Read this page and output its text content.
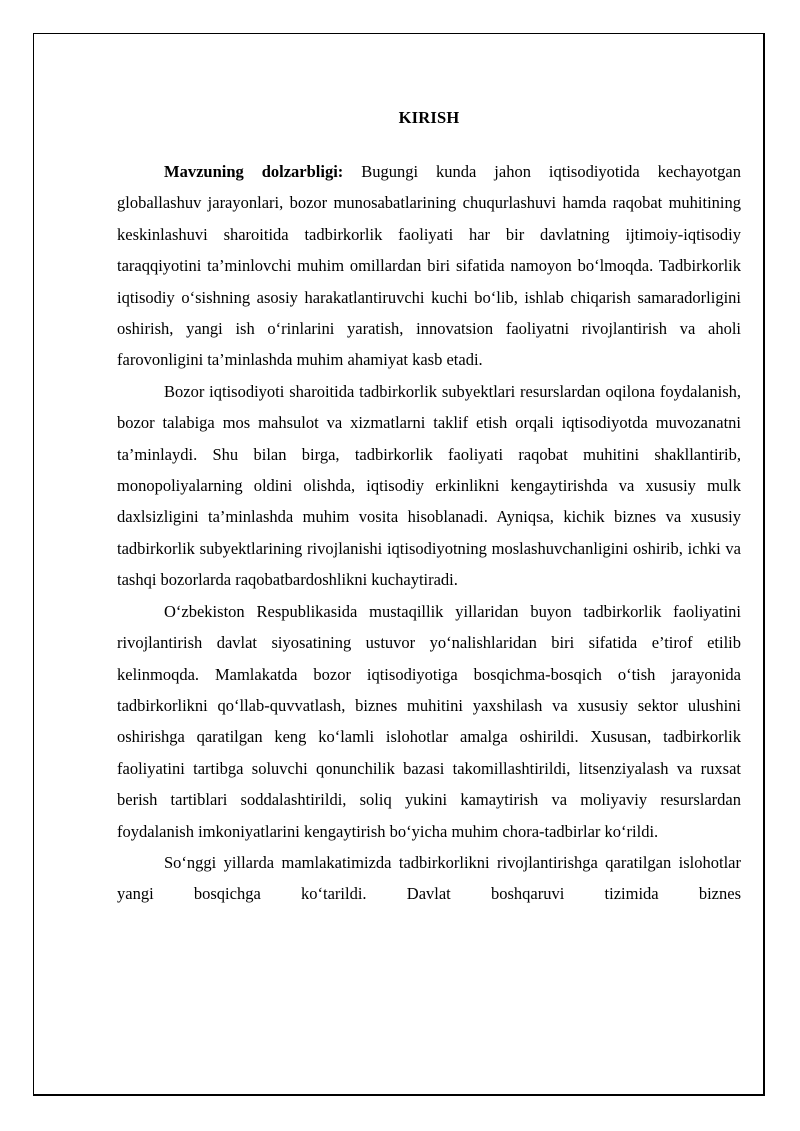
KIRISH

Mavzuning dolzarbligi: Bugungi kunda jahon iqtisodiyotida kechayotgan globallashuv jarayonlari, bozor munosabatlarining chuqurlashuvi hamda raqobat muhitining keskinlashuvi sharoitida tadbirkorlik faoliyati har bir davlatning ijtimoiy-iqtisodiy taraqqiyotini ta’minlovchi muhim omillardan biri sifatida namoyon bo‘lmoqda. Tadbirkorlik iqtisodiy o‘sishning asosiy harakatlantiruvchi kuchi bo‘lib, ishlab chiqarish samaradorligini oshirish, yangi ish o‘rinlarini yaratish, innovatsion faoliyatni rivojlantirish va aholi farovonligini ta’minlashda muhim ahamiyat kasb etadi.

Bozor iqtisodiyoti sharoitida tadbirkorlik subyektlari resurslardan oqilona foydalanish, bozor talabiga mos mahsulot va xizmatlarni taklif etish orqali iqtisodiyotda muvozanatni ta’minlaydi. Shu bilan birga, tadbirkorlik faoliyati raqobat muhitini shakllantirib, monopoliyalarning oldini olishda, iqtisodiy erkinlikni kengaytirishda va xususiy mulk daxlsizligini ta’minlashda muhim vosita hisoblanadi. Ayniqsa, kichik biznes va xususiy tadbirkorlik subyektlarining rivojlanishi iqtisodiyotning moslashuvchanligini oshirib, ichki va tashqi bozorlarda raqobatbardoshlikni kuchaytiradi.

O‘zbekiston Respublikasida mustaqillik yillaridan buyon tadbirkorlik faoliyatini rivojlantirish davlat siyosatining ustuvor yo‘nalishlaridan biri sifatida e’tirof etilib kelinmoqda. Mamlakatda bozor iqtisodiyotiga bosqichma-bosqich o‘tish jarayonida tadbirkorlikni qo‘llab-quvvatlash, biznes muhitini yaxshilash va xususiy sektor ulushini oshirishga qaratilgan keng ko‘lamli islohotlar amalga oshirildi. Xususan, tadbirkorlik faoliyatini tartibga soluvchi qonunchilik bazasi takomillashtirildi, litsenziyalash va ruxsat berish tartiblari soddalashtirildi, soliq yukini kamaytirish va moliyaviy resurslardan foydalanish imkoniyatlarini kengaytirish bo‘yicha muhim chora-tadbirlar ko‘rildi.

So‘nggi yillarda mamlakatimizda tadbirkorlikni rivojlantirishga qaratilgan islohotlar yangi bosqichga ko‘tarildi. Davlat boshqaruvi tizimida biznes
